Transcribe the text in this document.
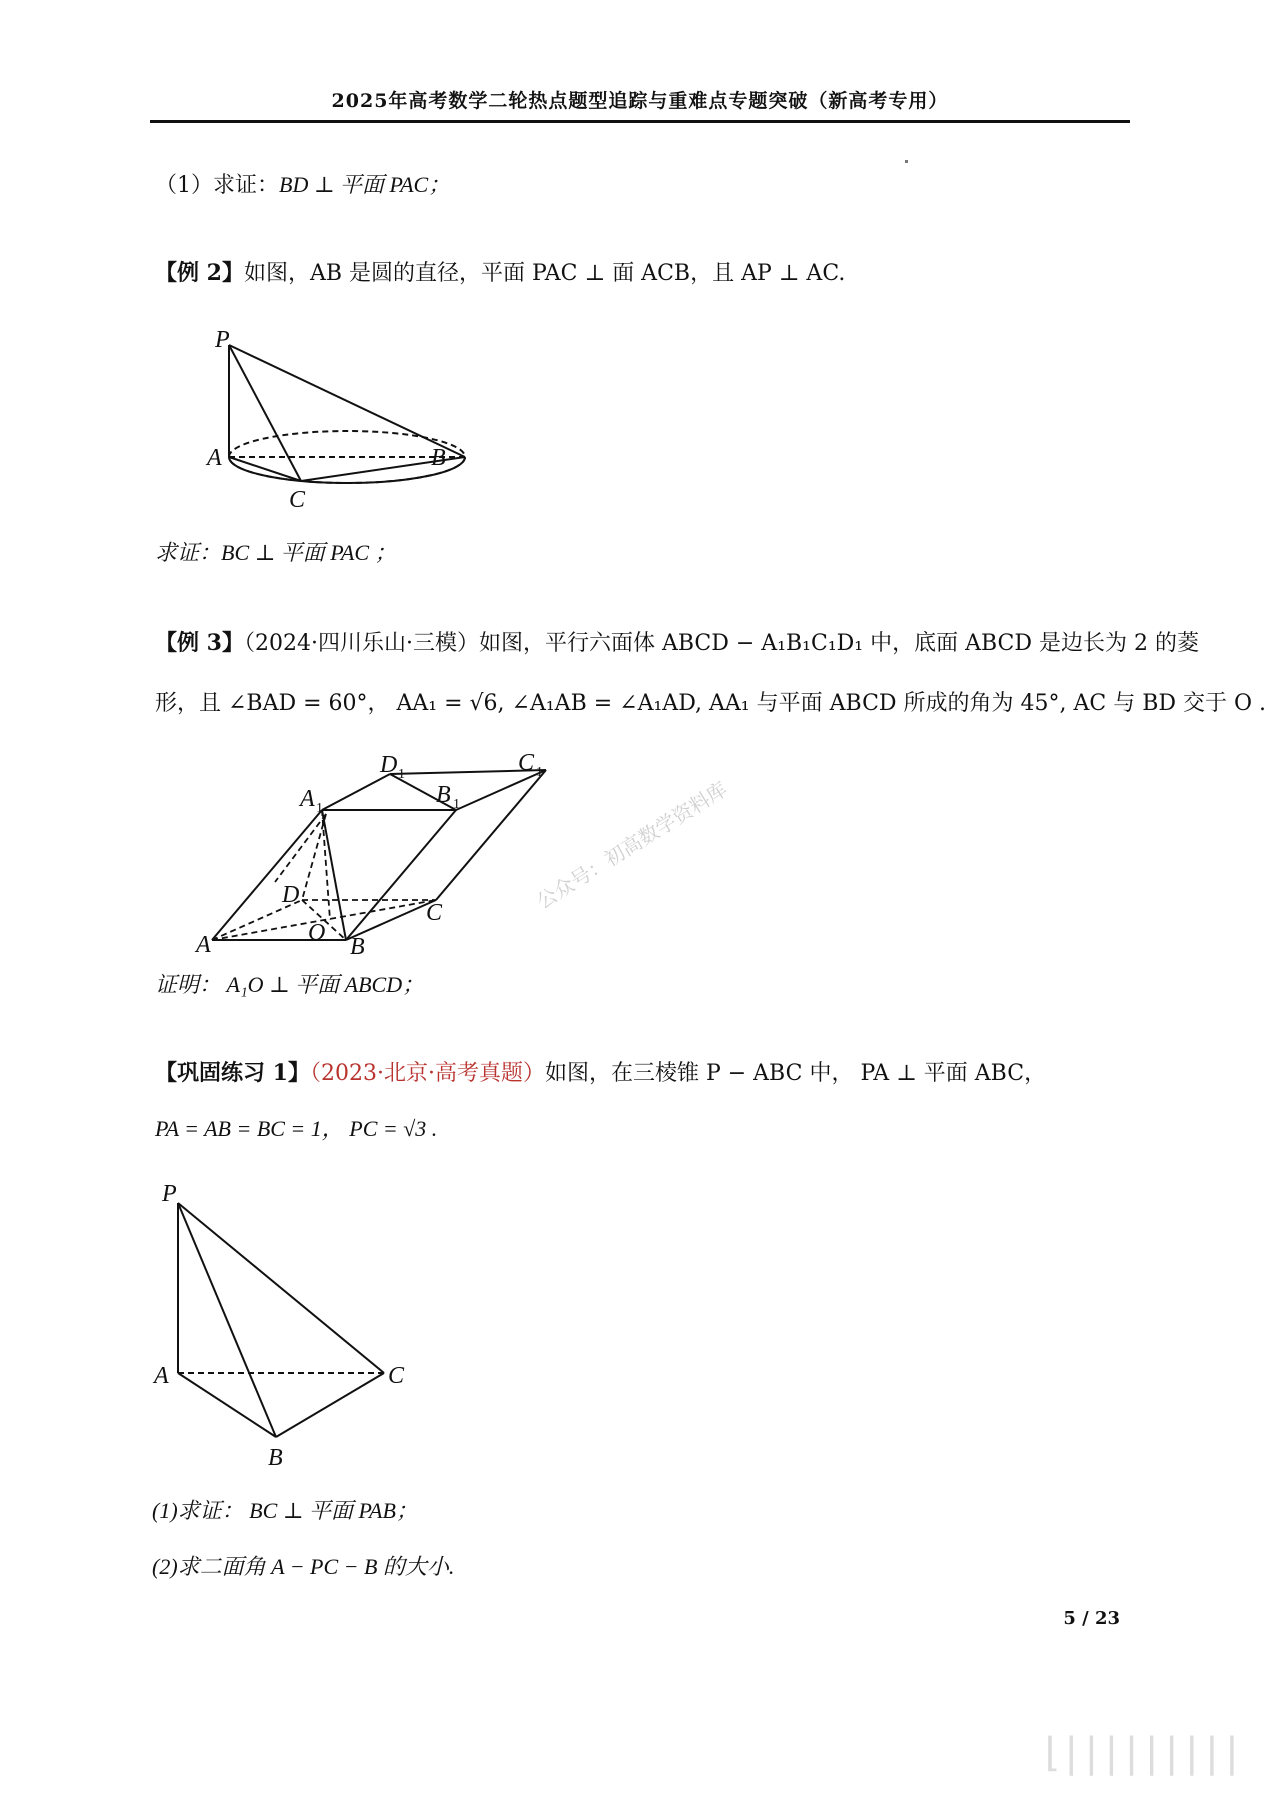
2025年高考数学二轮热点题型追踪与重难点专题突破（新高考专用）
（1）求证：BD ⊥ 平面 PAC；
【例 2】如图，AB 是圆的直径，平面 PAC ⊥ 面 ACB，且 AP ⊥ AC.
P
A	B
C
求证：BC ⊥ 平面 PAC ；
【例 3】（2024·四川乐山·三模）如图，平行六面体 ABCD − A₁B₁C₁D₁ 中，底面 ABCD 是边长为 2 的菱
形，且 ∠BAD = 60°， AA₁ = √6, ∠A₁AB = ∠A₁AD, AA₁ 与平面 ABCD 所成的角为 45°, AC 与 BD 交于 O .
A	B
C
D
O
A 1
B 1
C 1
D 1
公众号：初高数学资料库
证明： A₁O ⊥ 平面 ABCD；
【巩固练习 1】（2023·北京·高考真题）如图，在三棱锥 P − ABC 中， PA ⊥ 平面 ABC，
PA = AB = BC = 1， PC = √3 .
P
A	C
B
(1)求证： BC ⊥ 平面 PAB；
(2)求二面角 A − PC − B 的大小.
5 / 23
⌊|||||||||
